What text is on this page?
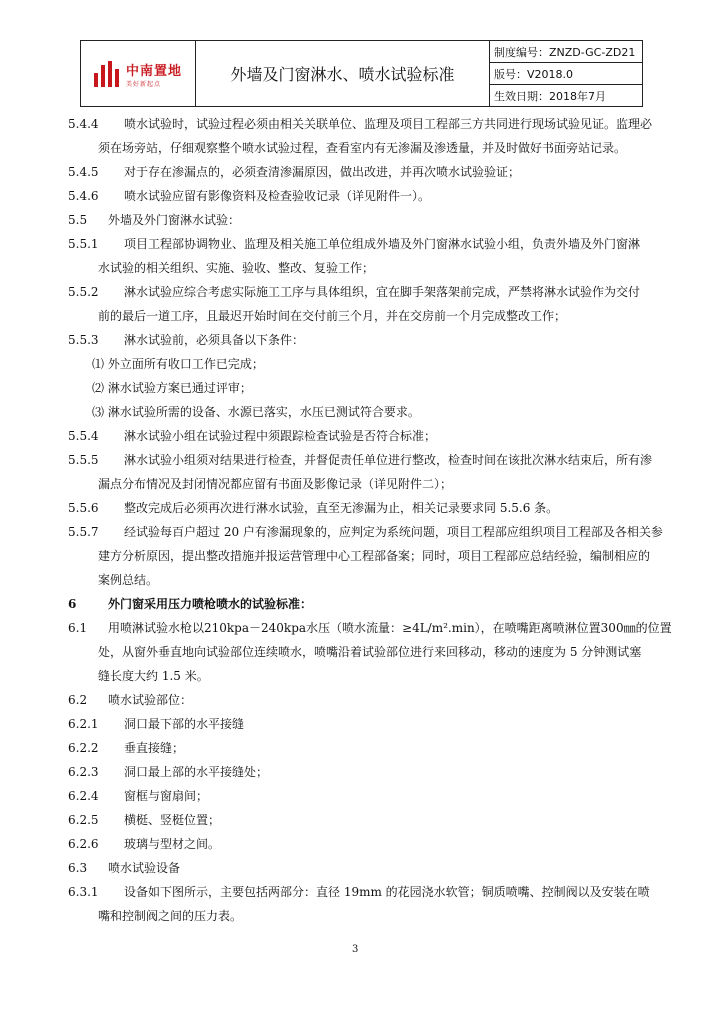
中南置地
美好新起点	外墙及门窗淋水、喷水试验标准
制度编号：ZNZD-GC-ZD21
版号：V2018.0
生效日期：2018年7月
5.4.4 喷水试验时，试验过程必须由相关关联单位、监理及项目工程部三方共同进行现场试验见证。监理必
须在场旁站，仔细观察整个喷水试验过程，查看室内有无渗漏及渗透量，并及时做好书面旁站记录。
5.4.5 对于存在渗漏点的，必须查清渗漏原因，做出改进，并再次喷水试验验证；
5.4.6 喷水试验应留有影像资料及检查验收记录（详见附件一）。
5.5 外墙及外门窗淋水试验：
5.5.1 项目工程部协调物业、监理及相关施工单位组成外墙及外门窗淋水试验小组，负责外墙及外门窗淋
水试验的相关组织、实施、验收、整改、复验工作；
5.5.2 淋水试验应综合考虑实际施工工序与具体组织，宜在脚手架落架前完成，严禁将淋水试验作为交付
前的最后一道工序，且最迟开始时间在交付前三个月，并在交房前一个月完成整改工作；
5.5.3 淋水试验前，必须具备以下条件：
⑴ 外立面所有收口工作已完成；
⑵ 淋水试验方案已通过评审；
⑶ 淋水试验所需的设备、水源已落实，水压已测试符合要求。
5.5.4 淋水试验小组在试验过程中须跟踪检查试验是否符合标准；
5.5.5 淋水试验小组须对结果进行检查，并督促责任单位进行整改，检查时间在该批次淋水结束后，所有渗
漏点分布情况及封闭情况都应留有书面及影像记录（详见附件二）；
5.5.6 整改完成后必须再次进行淋水试验，直至无渗漏为止，相关记录要求同 5.5.6 条。
5.5.7 经试验每百户超过 20 户有渗漏现象的，应判定为系统问题，项目工程部应组织项目工程部及各相关参
建方分析原因，提出整改措施并报运营管理中心工程部备案；同时，项目工程部应总结经验，编制相应的
案例总结。
6	外门窗采用压力喷枪喷水的试验标准：
6.1 用喷淋试验水枪以210kpa－240kpa水压（喷水流量：≥4L/m².min），在喷嘴距离喷淋位置300㎜的位置
处，从窗外垂直地向试验部位连续喷水，喷嘴沿着试验部位进行来回移动，移动的速度为 5 分钟测试塞
缝长度大约 1.5 米。
6.2 喷水试验部位：
6.2.1 洞口最下部的水平接缝
6.2.2 垂直接缝；
6.2.3 洞口最上部的水平接缝处；
6.2.4 窗框与窗扇间；
6.2.5 横梃、竖梃位置；
6.2.6 玻璃与型材之间。
6.3 喷水试验设备
6.3.1 设备如下图所示，主要包括两部分：直径 19mm 的花园浇水软管；铜质喷嘴、控制阀以及安装在喷
嘴和控制阀之间的压力表。
3
